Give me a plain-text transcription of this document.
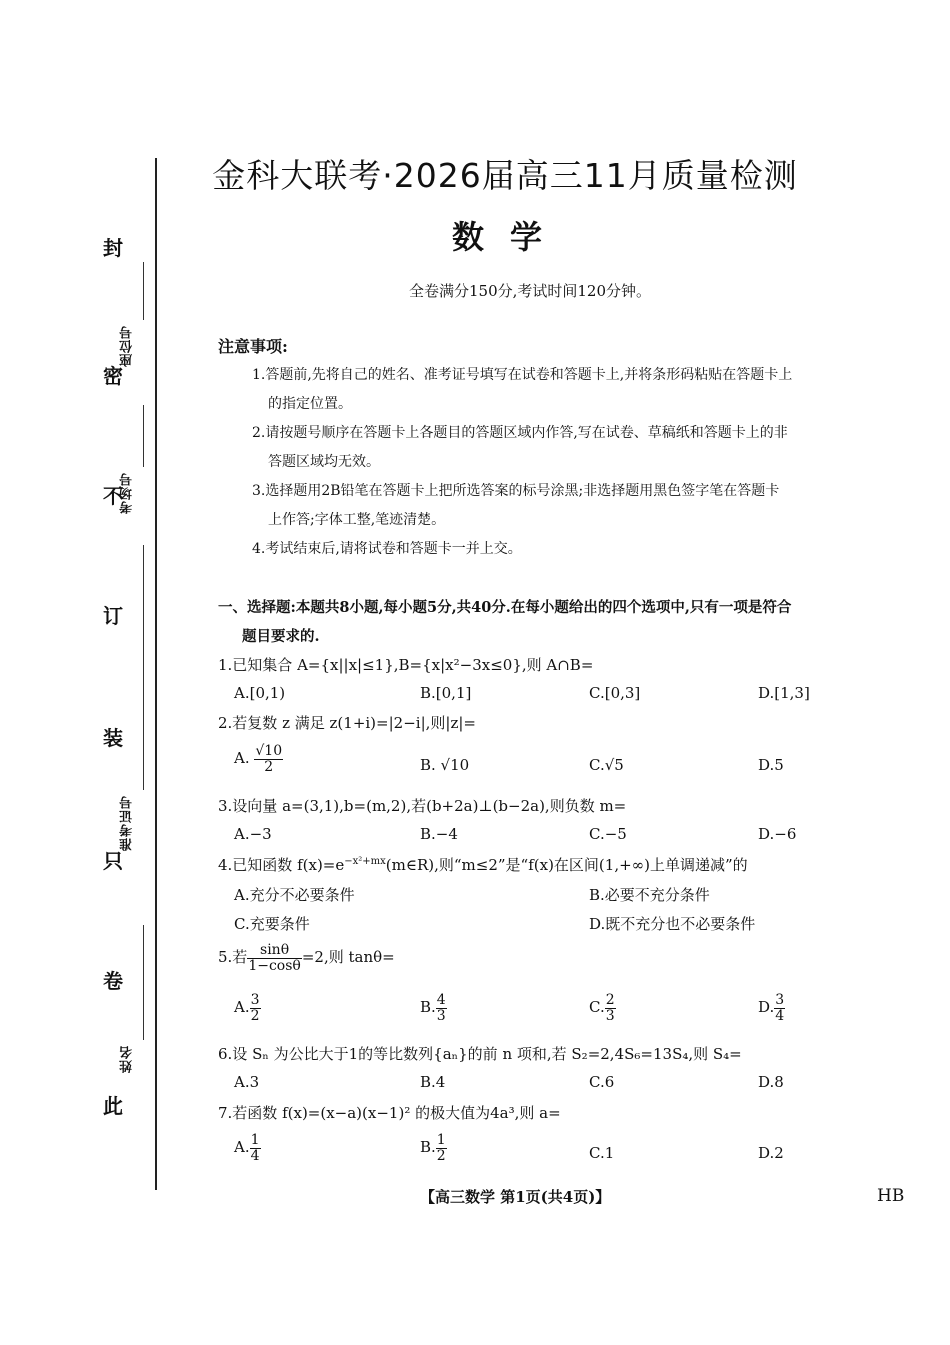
封
密
不
订
装
只
卷
此
座位号
考场号
准考证号
姓名
金科大联考·2026届高三11月质量检测
数学
全卷满分150分,考试时间120分钟。
注意事项:
1.答题前,先将自己的姓名、准考证号填写在试卷和答题卡上,并将条形码粘贴在答题卡上
的指定位置。
2.请按题号顺序在答题卡上各题目的答题区域内作答,写在试卷、草稿纸和答题卡上的非
答题区域均无效。
3.选择题用2B铅笔在答题卡上把所选答案的标号涂黑;非选择题用黑色签字笔在答题卡
上作答;字体工整,笔迹清楚。
4.考试结束后,请将试卷和答题卡一并上交。
一、选择题:本题共8小题,每小题5分,共40分.在每小题给出的四个选项中,只有一项是符合
题目要求的.
1.已知集合 A={x||x|≤1},B={x|x²−3x≤0},则 A∩B=
A.[0,1)	B.[0,1]	C.[0,3]	D.[1,3]
2.若复数 z 满足 z(1+i)=|2−i|,则|z|=
A. $\frac{√10}{2}$	B. √10	C.√5	D.5
3.设向量 a=(3,1),b=(m,2),若(b+2a)⊥(b−2a),则负数 m=
A.−3	B.−4	C.−5	D.−6
4.已知函数 $f(x)=e^{-x^2+mx}(m\in R)$,则“m≤2”是“f(x)在区间(1,+∞)上单调递减”的
A.充分不必要条件	B.必要不充分条件
C.充要条件	D.既不充分也不必要条件
5.若 $\frac{\sin\theta}{1-\cos\theta} =2$,则 tanθ=
A. $\frac{3}{2}$	B. $\frac{4}{3}$	C. $\frac{2}{3}$	D. $\frac{3}{4}$
6.设 Sₙ 为公比大于1的等比数列{aₙ}的前 n 项和,若 S₂=2,4S₆=13S₄,则 S₄=
A.3	B.4	C.6	D.8
7.若函数 f(x)=(x−a)(x−1)² 的极大值为4a³,则 a=
A. $\frac{1}{4}$	B. $\frac{1}{2}$	C.1	D.2
【高三数学 第1页(共4页)】	HB
